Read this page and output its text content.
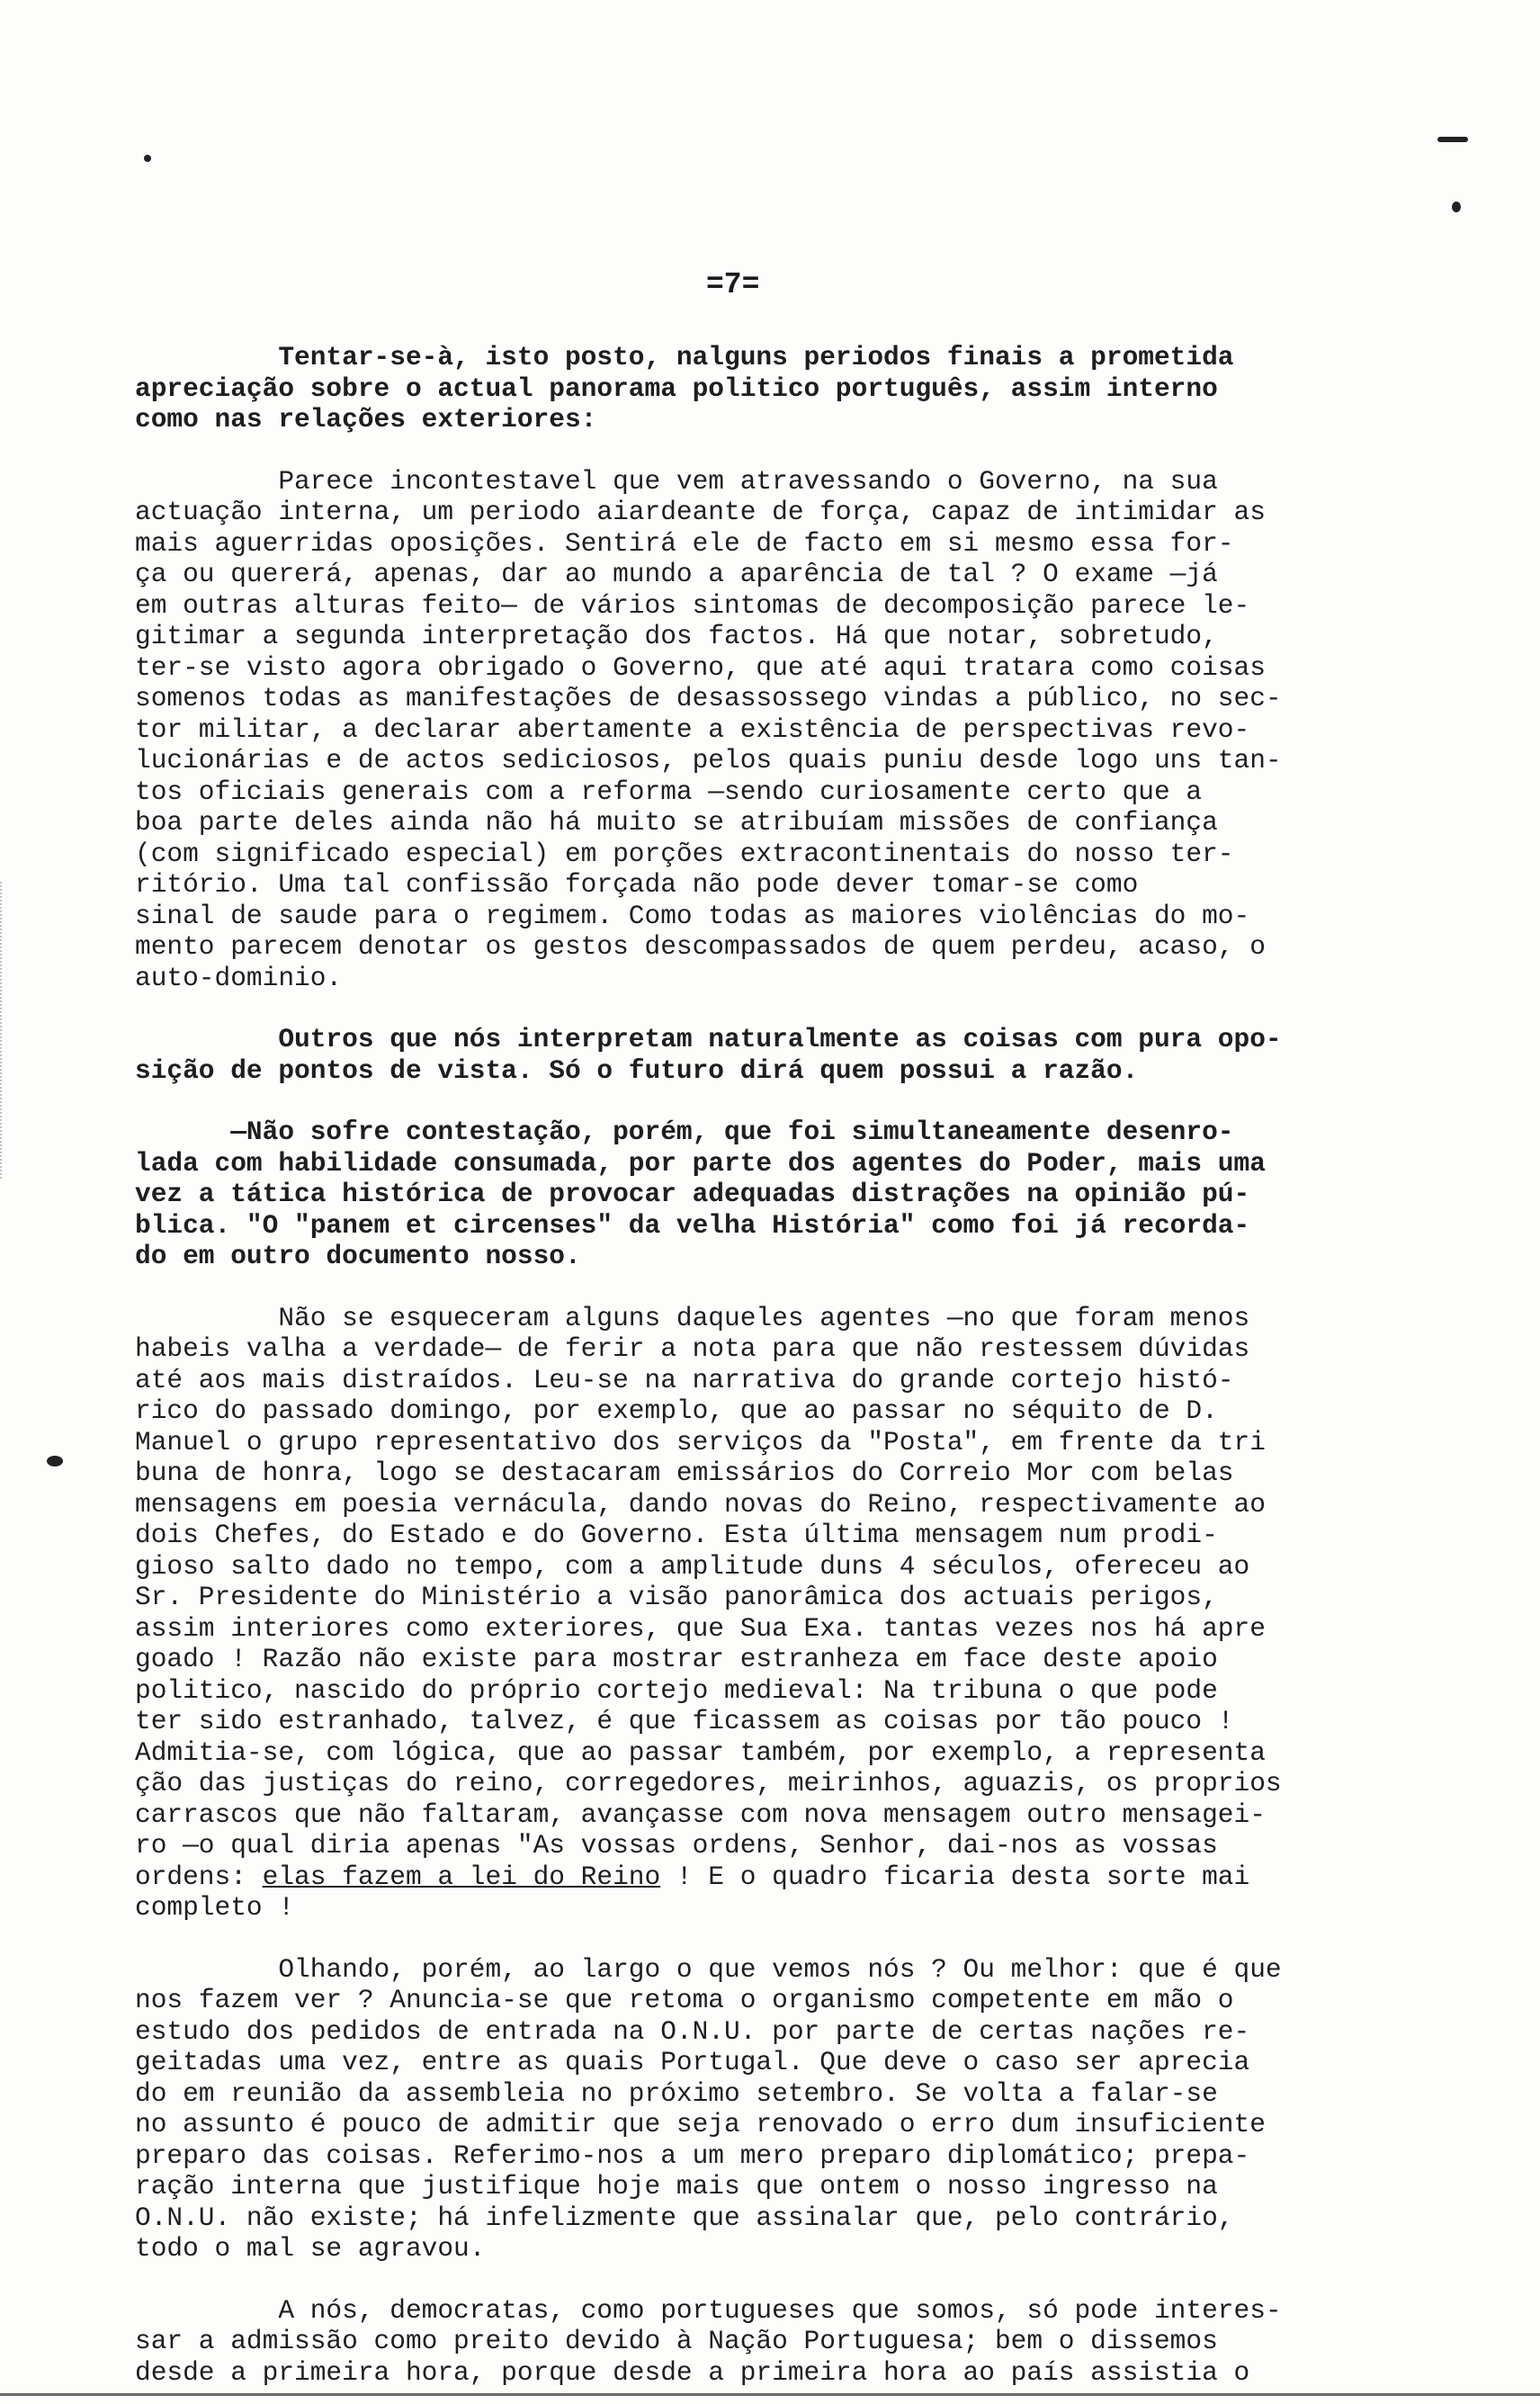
=7=
Tentar-se-à, isto posto, nalguns periodos finais a prometida
apreciação sobre o actual panorama politico português, assim interno
como nas relações exteriores:
Parece incontestavel que vem atravessando o Governo, na sua
actuação interna, um periodo aiardeante de força, capaz de intimidar as
mais aguerridas oposições. Sentirá ele de facto em si mesmo essa for-
ça ou quererá, apenas, dar ao mundo a aparência de tal ? O exame —já
em outras alturas feito— de vários sintomas de decomposição parece le-
gitimar a segunda interpretação dos factos. Há que notar, sobretudo,
ter-se visto agora obrigado o Governo, que até aqui tratara como coisas
somenos todas as manifestações de desassossego vindas a público, no sec-
tor militar, a declarar abertamente a existência de perspectivas revo-
lucionárias e de actos sediciosos, pelos quais puniu desde logo uns tan-
tos oficiais generais com a reforma —sendo curiosamente certo que a
boa parte deles ainda não há muito se atribuíam missões de confiança
(com significado especial) em porções extracontinentais do nosso ter-
ritório. Uma tal confissão forçada não pode dever tomar-se como
sinal de saude para o regimem. Como todas as maiores violências do mo-
mento parecem denotar os gestos descompassados de quem perdeu, acaso, o
auto-dominio.
Outros que nós interpretam naturalmente as coisas com pura opo-
sição de pontos de vista. Só o futuro dirá quem possui a razão.
—Não sofre contestação, porém, que foi simultaneamente desenro-
lada com habilidade consumada, por parte dos agentes do Poder, mais uma
vez a tática histórica de provocar adequadas distrações na opinião pú-
blica. "O "panem et circenses" da velha História" como foi já recorda-
do em outro documento nosso.
Não se esqueceram alguns daqueles agentes —no que foram menos
habeis valha a verdade— de ferir a nota para que não restessem dúvidas
até aos mais distraídos. Leu-se na narrativa do grande cortejo histó-
rico do passado domingo, por exemplo, que ao passar no séquito de D.
Manuel o grupo representativo dos serviços da "Posta", em frente da tri
buna de honra, logo se destacaram emissários do Correio Mor com belas
mensagens em poesia vernácula, dando novas do Reino, respectivamente ao
dois Chefes, do Estado e do Governo. Esta última mensagem num prodi-
gioso salto dado no tempo, com a amplitude duns 4 séculos, ofereceu ao
Sr. Presidente do Ministério a visão panorâmica dos actuais perigos,
assim interiores como exteriores, que Sua Exa. tantas vezes nos há apre
goado ! Razão não existe para mostrar estranheza em face deste apoio
politico, nascido do próprio cortejo medieval: Na tribuna o que pode
ter sido estranhado, talvez, é que ficassem as coisas por tão pouco !
Admitia-se, com lógica, que ao passar também, por exemplo, a representa
ção das justiças do reino, corregedores, meirinhos, aguazis, os proprios
carrascos que não faltaram, avançasse com nova mensagem outro mensagei-
ro —o qual diria apenas "As vossas ordens, Senhor, dai-nos as vossas
ordens: elas fazem a lei do Reino ! E o quadro ficaria desta sorte mai
completo !
Olhando, porém, ao largo o que vemos nós ? Ou melhor: que é que
nos fazem ver ? Anuncia-se que retoma o organismo competente em mão o
estudo dos pedidos de entrada na O.N.U. por parte de certas nações re-
geitadas uma vez, entre as quais Portugal. Que deve o caso ser aprecia
do em reunião da assembleia no próximo setembro. Se volta a falar-se
no assunto é pouco de admitir que seja renovado o erro dum insuficiente
preparo das coisas. Referimo-nos a um mero preparo diplomático; prepa-
ração interna que justifique hoje mais que ontem o nosso ingresso na
O.N.U. não existe; há infelizmente que assinalar que, pelo contrário,
todo o mal se agravou.
A nós, democratas, como portugueses que somos, só pode interes-
sar a admissão como preito devido à Nação Portuguesa; bem o dissemos
desde a primeira hora, porque desde a primeira hora ao país assistia o
